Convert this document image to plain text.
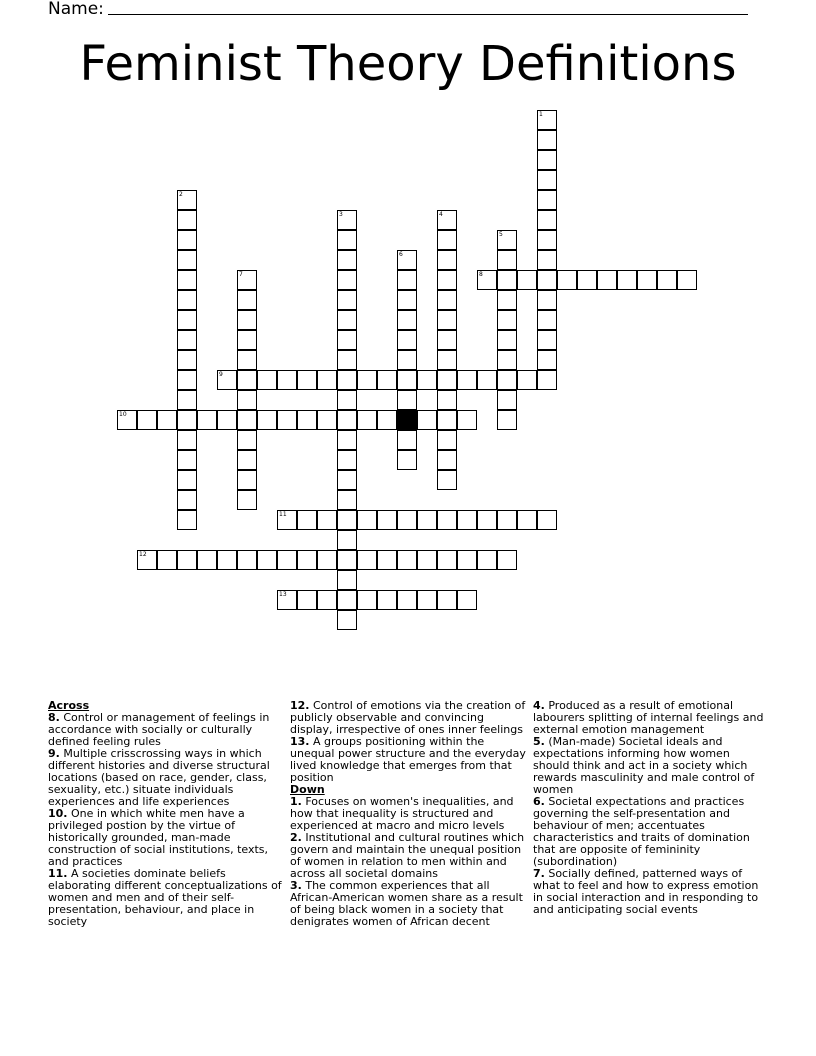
Name:
Feminist Theory Definitions
1
2
3	4
5
6
7	8
9
10
11
12
13

Across

8. Control or management of feelings in accordance with socially or culturally defined feeling rules

9. Multiple crisscrossing ways in which different histories and diverse structural locations (based on race, gender, class, sexuality, etc.) situate individuals experiences and life experiences

10. One in which white men have a privileged postion by the virtue of historically grounded, man-made construction of social institutions, texts, and practices

11. A societies dominate beliefs elaborating different conceptualizations of women and men and of their self-presentation, behaviour, and place in society

12. Control of emotions via the creation of publicly observable and convincing display, irrespective of ones inner feelings

13. A groups positioning within the unequal power structure and the everyday lived knowledge that emerges from that position

Down

1. Focuses on women's inequalities, and how that inequality is structured and experienced at macro and micro levels

2. Institutional and cultural routines which govern and maintain the unequal position of women in relation to men within and across all societal domains

3. The common experiences that all African-American women share as a result of being black women in a society that denigrates women of African decent

4. Produced as a result of emotional labourers splitting of internal feelings and external emotion management

5. (Man-made) Societal ideals and expectations informing how women should think and act in a society which rewards masculinity and male control of women

6. Societal expectations and practices governing the self-presentation and behaviour of men; accentuates characteristics and traits of domination that are opposite of femininity (subordination)

7. Socially defined, patterned ways of what to feel and how to express emotion in social interaction and in responding to and anticipating social events
